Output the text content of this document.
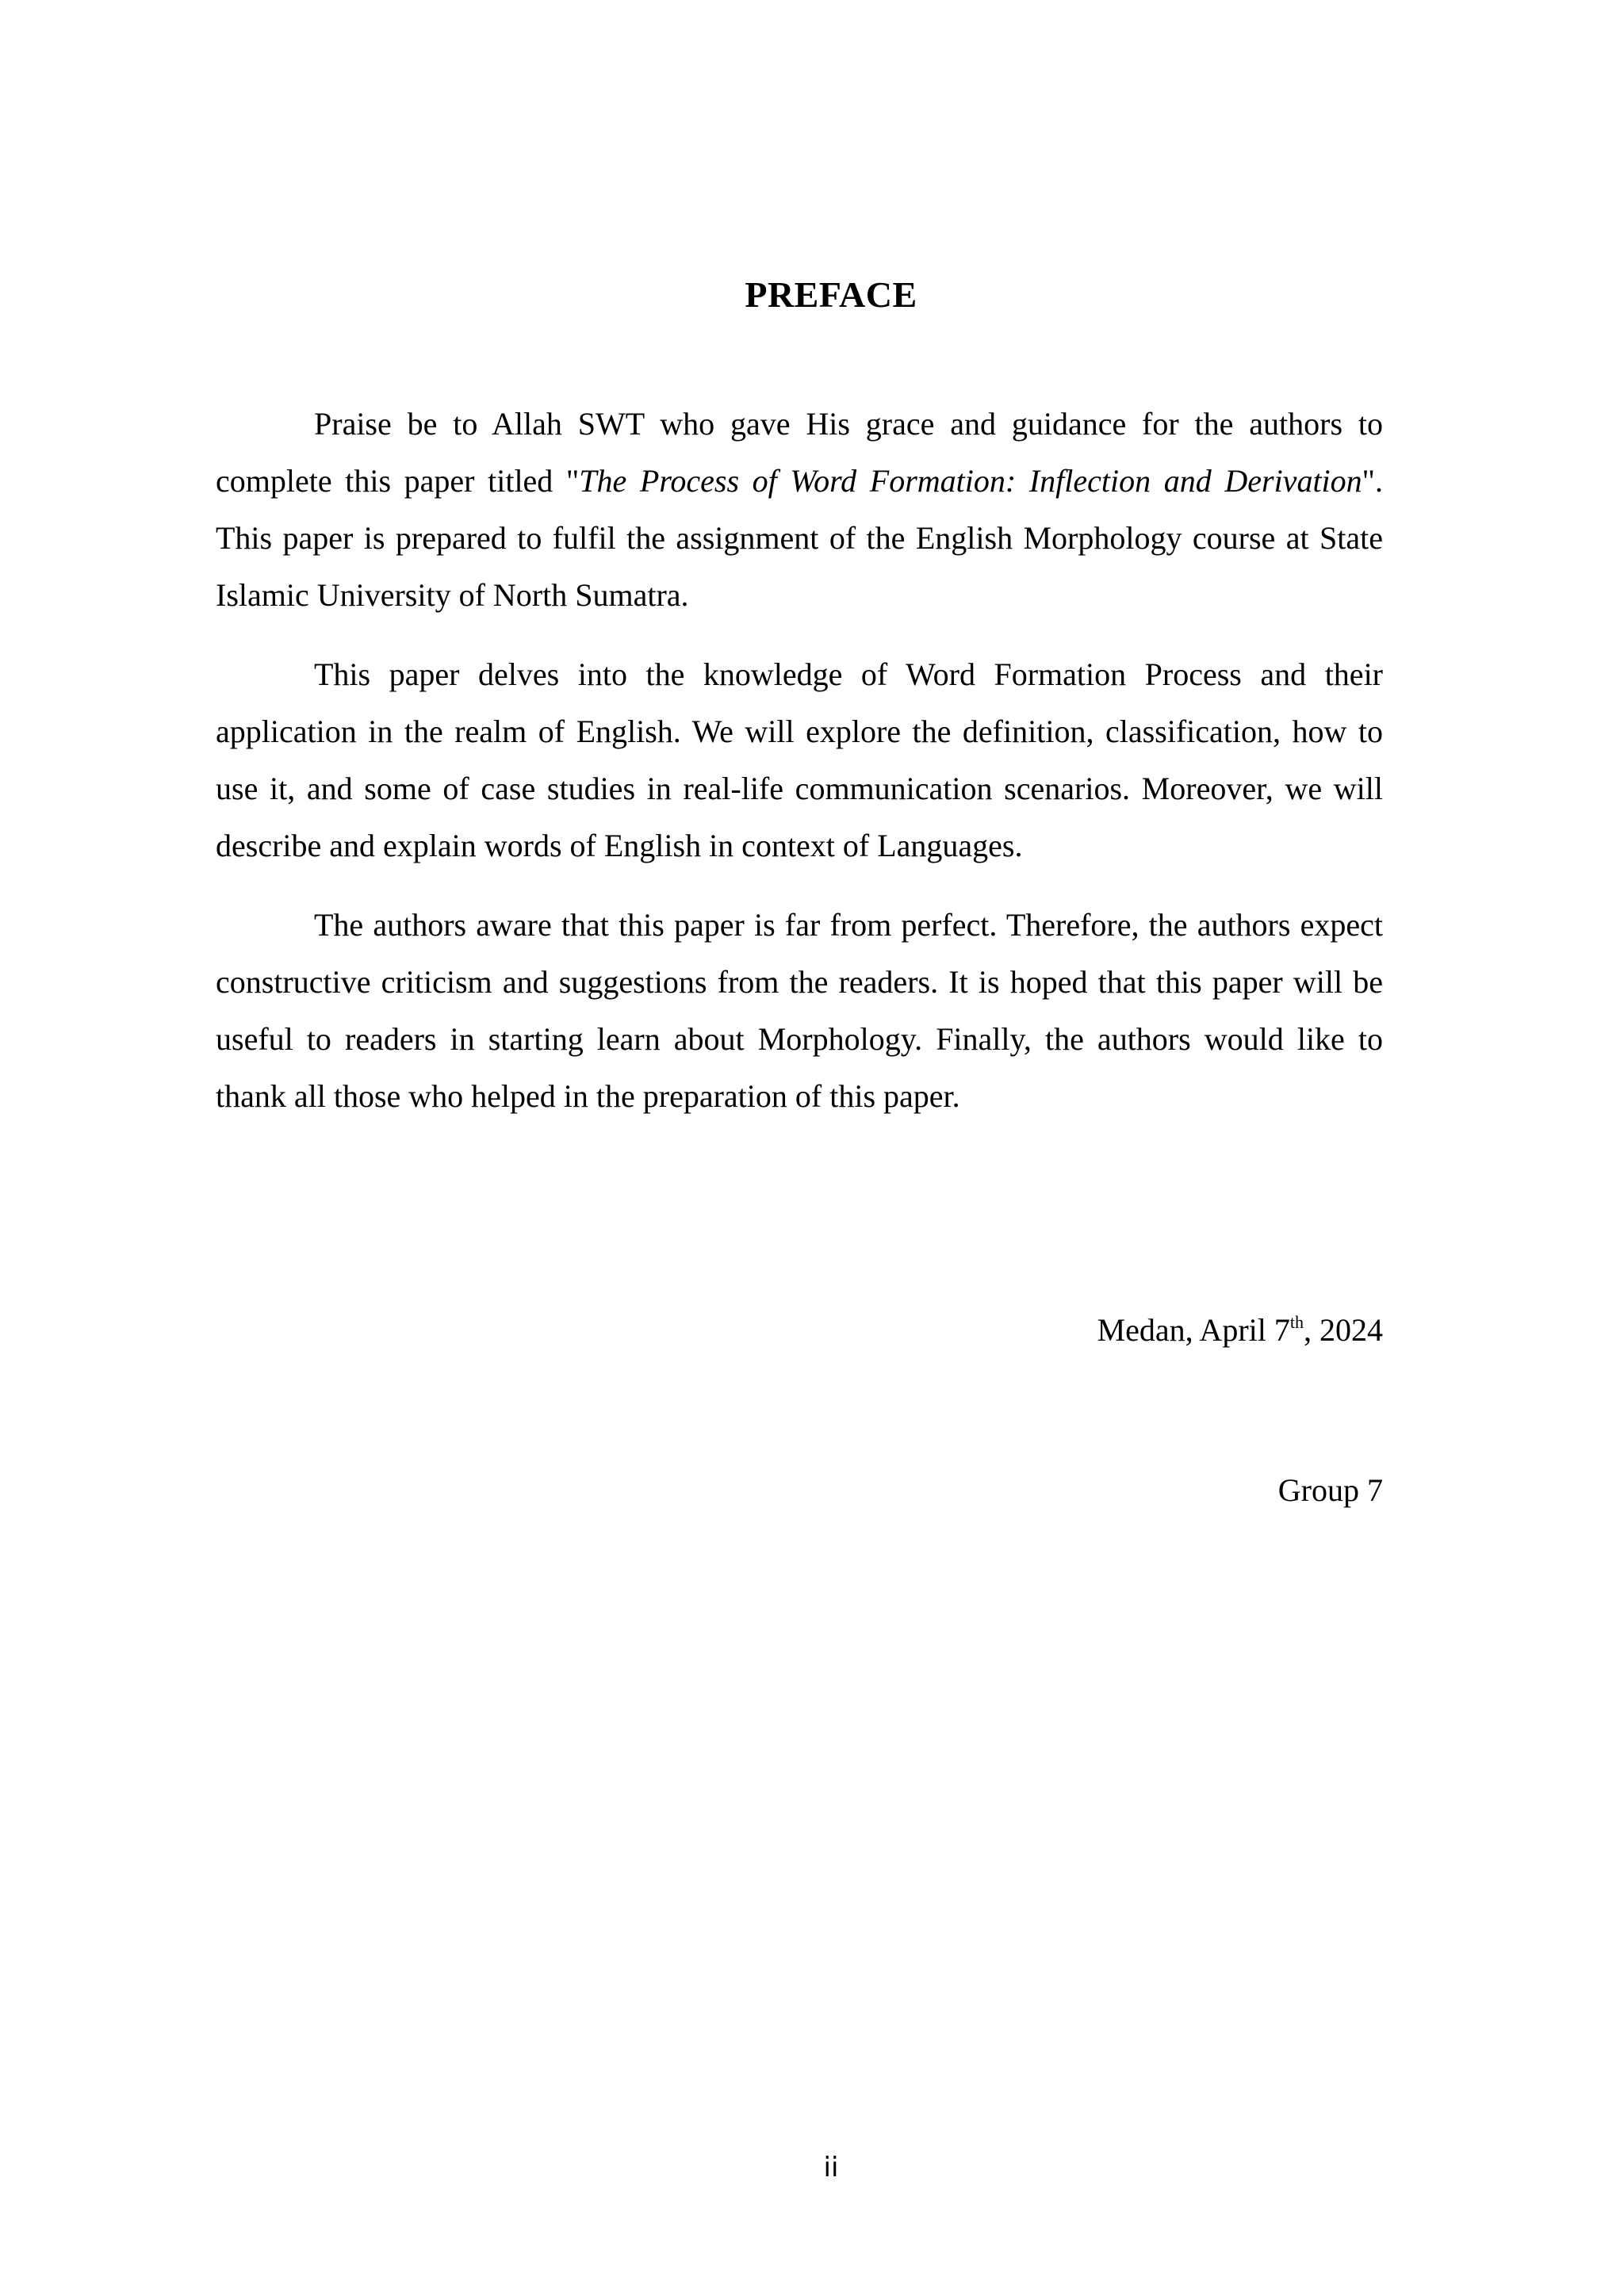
PREFACE

Praise be to Allah SWT who gave His grace and guidance for the authors to complete this paper titled "The Process of Word Formation: Inflection and Derivation". This paper is prepared to fulfil the assignment of the English Morphology course at State Islamic University of North Sumatra.

This paper delves into the knowledge of Word Formation Process and their application in the realm of English. We will explore the definition, classification, how to use it, and some of case studies in real-life communication scenarios. Moreover, we will describe and explain words of English in context of Languages.

The authors aware that this paper is far from perfect. Therefore, the authors expect constructive criticism and suggestions from the readers. It is hoped that this paper will be useful to readers in starting learn about Morphology. Finally, the authors would like to thank all those who helped in the preparation of this paper.

Medan, April 7th, 2024
Group 7
ii
